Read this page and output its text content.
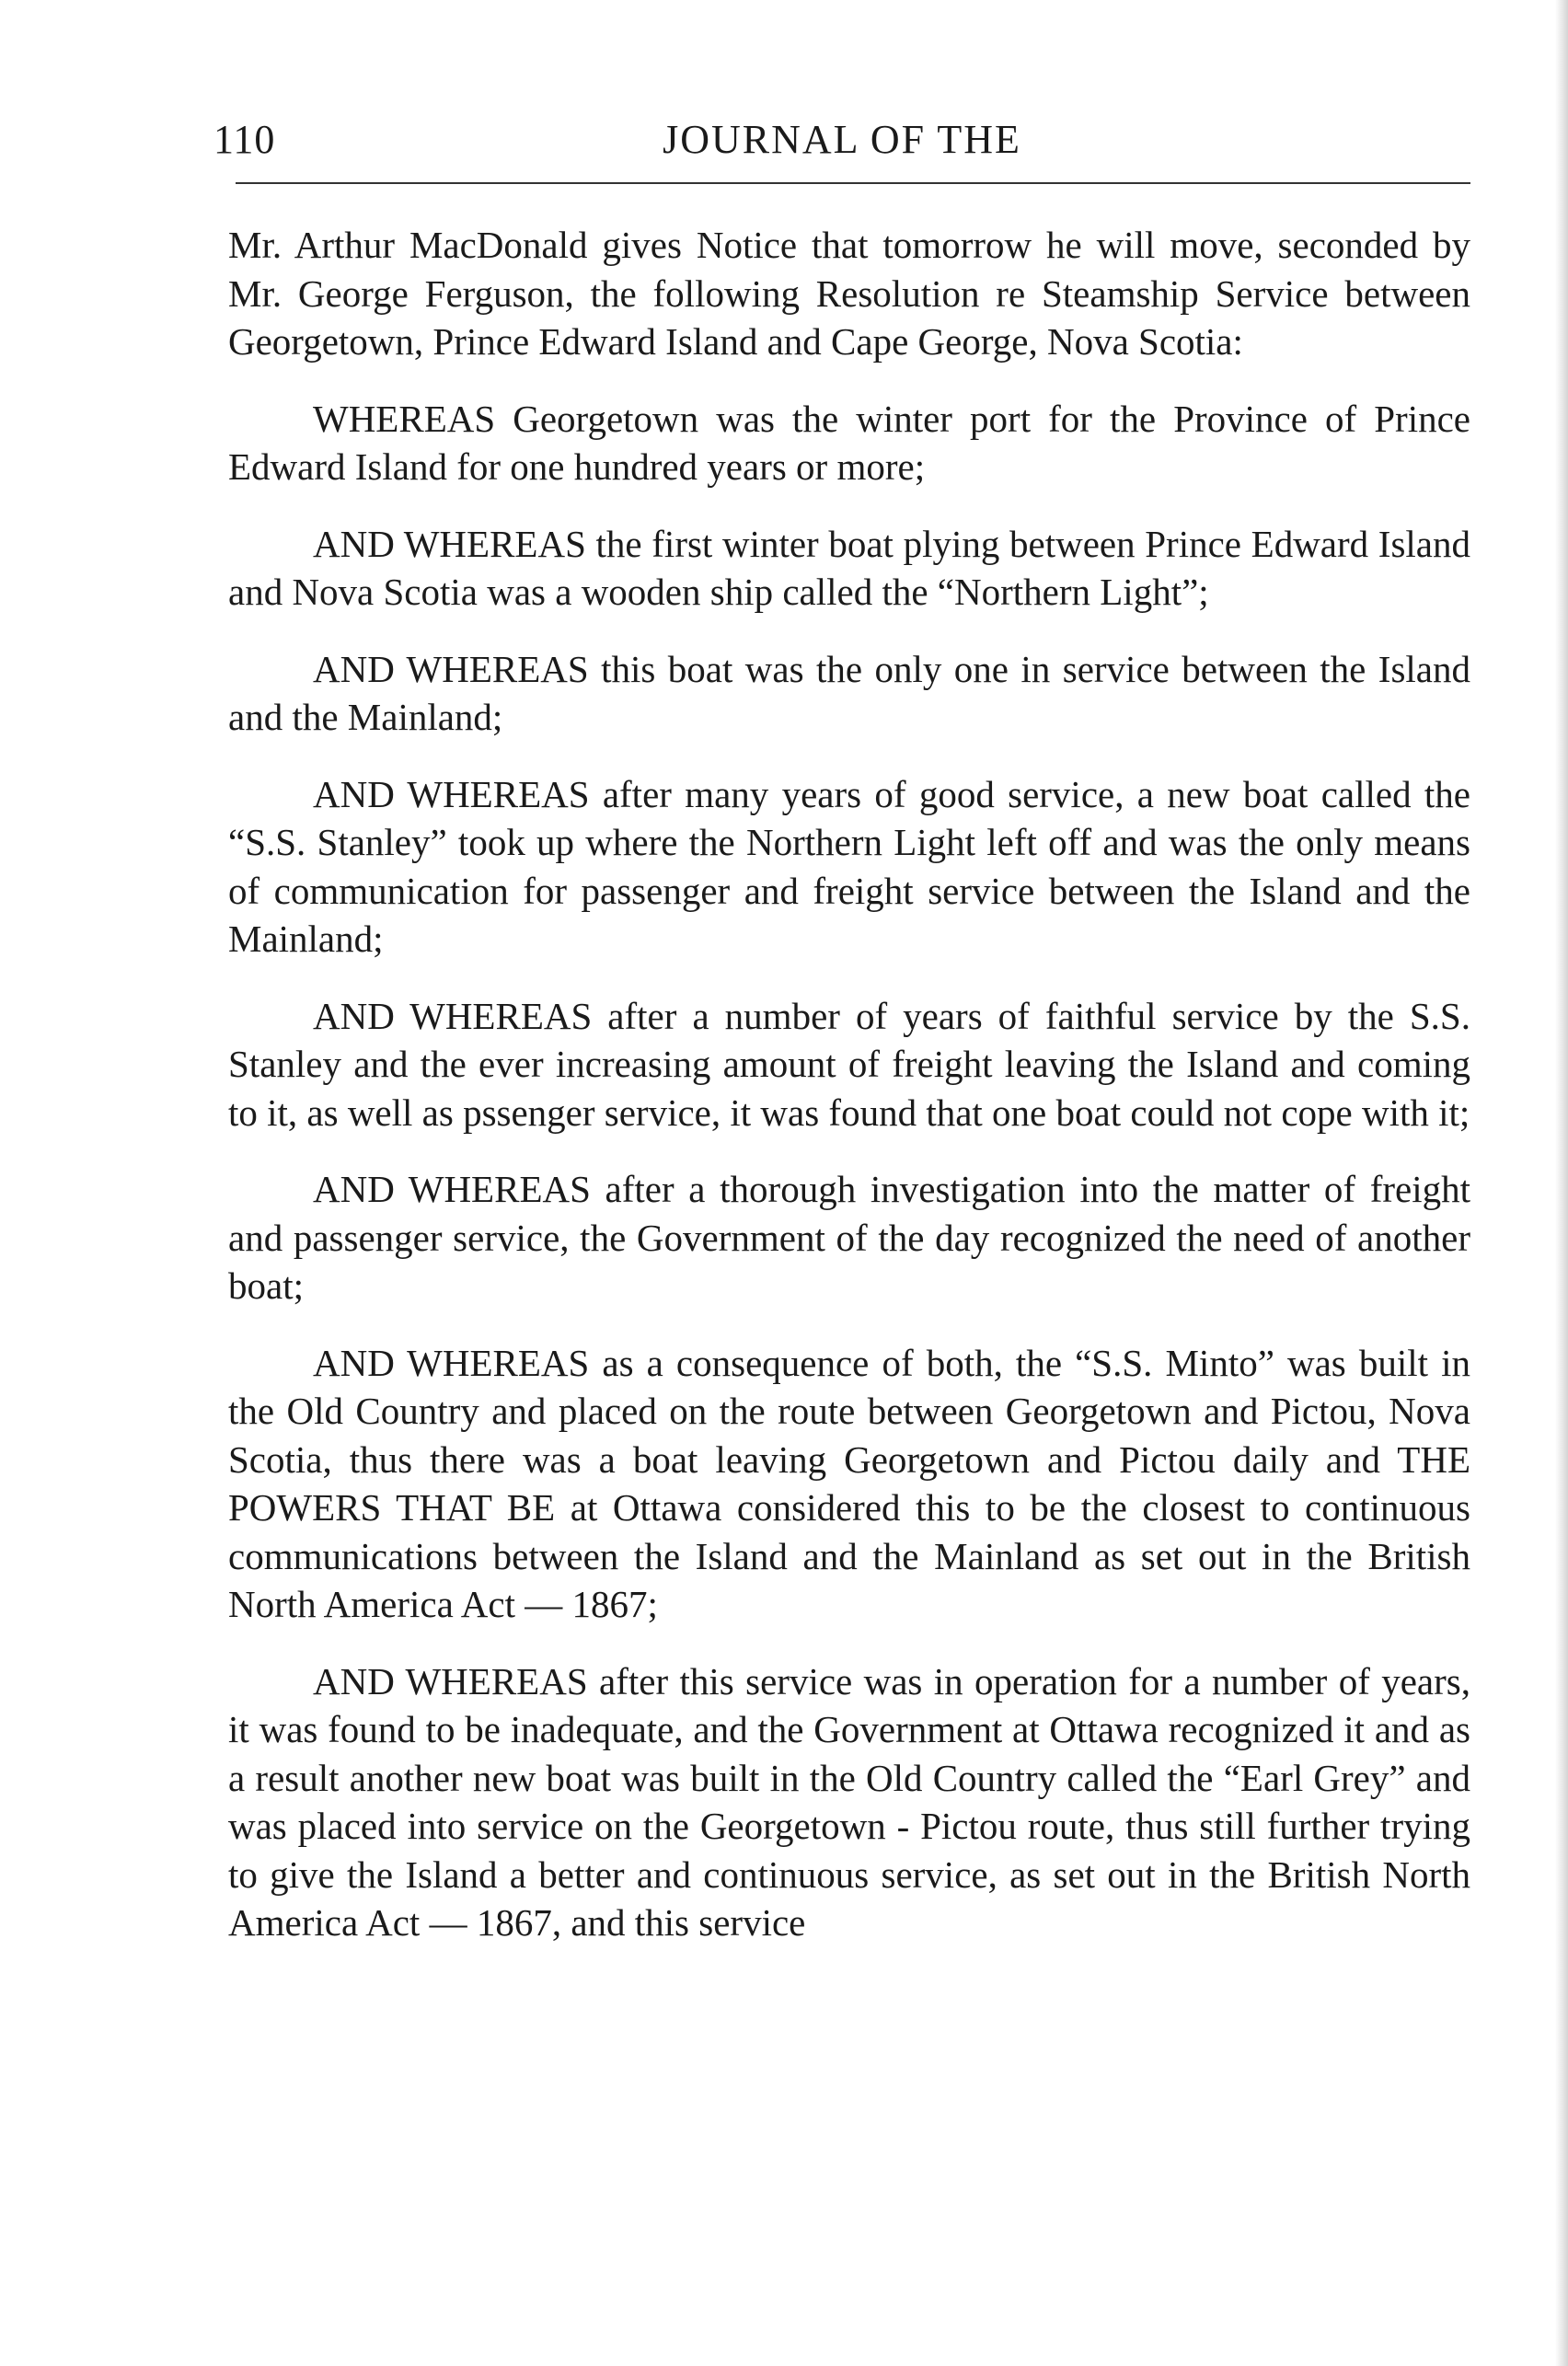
110	JOURNAL OF THE

Mr. Arthur MacDonald gives Notice that tomorrow he will move, seconded by Mr. George Ferguson, the following Resolution re Steamship Service between Georgetown, Prince Edward Island and Cape George, Nova Scotia:

WHEREAS Georgetown was the winter port for the Province of Prince Edward Island for one hundred years or more;

AND WHEREAS the first winter boat plying between Prince Edward Island and Nova Scotia was a wooden ship called the “Northern Light”;

AND WHEREAS this boat was the only one in service between the Island and the Mainland;

AND WHEREAS after many years of good service, a new boat called the “S.S. Stanley” took up where the Northern Light left off and was the only means of communication for passenger and freight service between the Island and the Mainland;

AND WHEREAS after a number of years of faithful service by the S.S. Stanley and the ever increasing amount of freight leaving the Island and coming to it, as well as pssenger service, it was found that one boat could not cope with it;

AND WHEREAS after a thorough investigation into the matter of freight and passenger service, the Government of the day recognized the need of another boat;

AND WHEREAS as a consequence of both, the “S.S. Minto” was built in the Old Country and placed on the route between Georgetown and Pictou, Nova Scotia, thus there was a boat leaving Georgetown and Pictou daily and THE POWERS THAT BE at Ottawa considered this to be the closest to continuous communications between the Island and the Mainland as set out in the British North America Act — 1867;

AND WHEREAS after this service was in operation for a number of years, it was found to be inadequate, and the Government at Ottawa recognized it and as a result another new boat was built in the Old Country called the “Earl Grey” and was placed into service on the Georgetown - Pictou route, thus still further trying to give the Island a better and continuous service, as set out in the British North America Act — 1867, and this service
